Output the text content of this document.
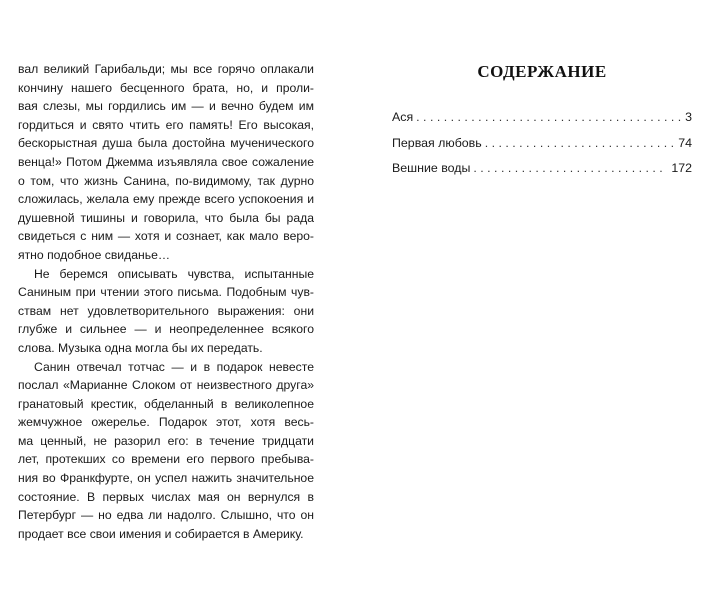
вал великий Гарибальди; мы все горячо оплакали
кончину нашего бесценного брата, но, и проли-
вая слезы, мы гордились им — и вечно будем им
гордиться и свято чтить его память! Его высокая,
бескорыстная душа была достойна мученического
венца!» Потом Джемма изъявляла свое сожаление
о том, что жизнь Санина, по-видимому, так дурно
сложилась, желала ему прежде всего успокоения и
душевной тишины и говорила, что была бы рада
свидеться с ним — хотя и сознает, как мало веро-
ятно подобное свиданье…
Не беремся описывать чувства, испытанные
Саниным при чтении этого письма. Подобным чув-
ствам нет удовлетворительного выражения: они
глубже и сильнее — и неопределеннее всякого
слова. Музыка одна могла бы их передать.
Санин отвечал тотчас — и в подарок невесте
послал «Марианне Слоком от неизвестного друга»
гранатовый крестик, обделанный в великолепное
жемчужное ожерелье. Подарок этот, хотя весь-
ма ценный, не разорил его: в течение тридцати
лет, протекших со времени его первого пребыва-
ния во Франкфурте, он успел нажить значительное
состояние. В первых числах мая он вернулся в
Петербург — но едва ли надолго. Слышно, что он
продает все свои имения и собирается в Америку.
СОДЕРЖАНИЕ
Ася . . .	3
Первая любовь . . .	74
Вешние воды . . .	172
